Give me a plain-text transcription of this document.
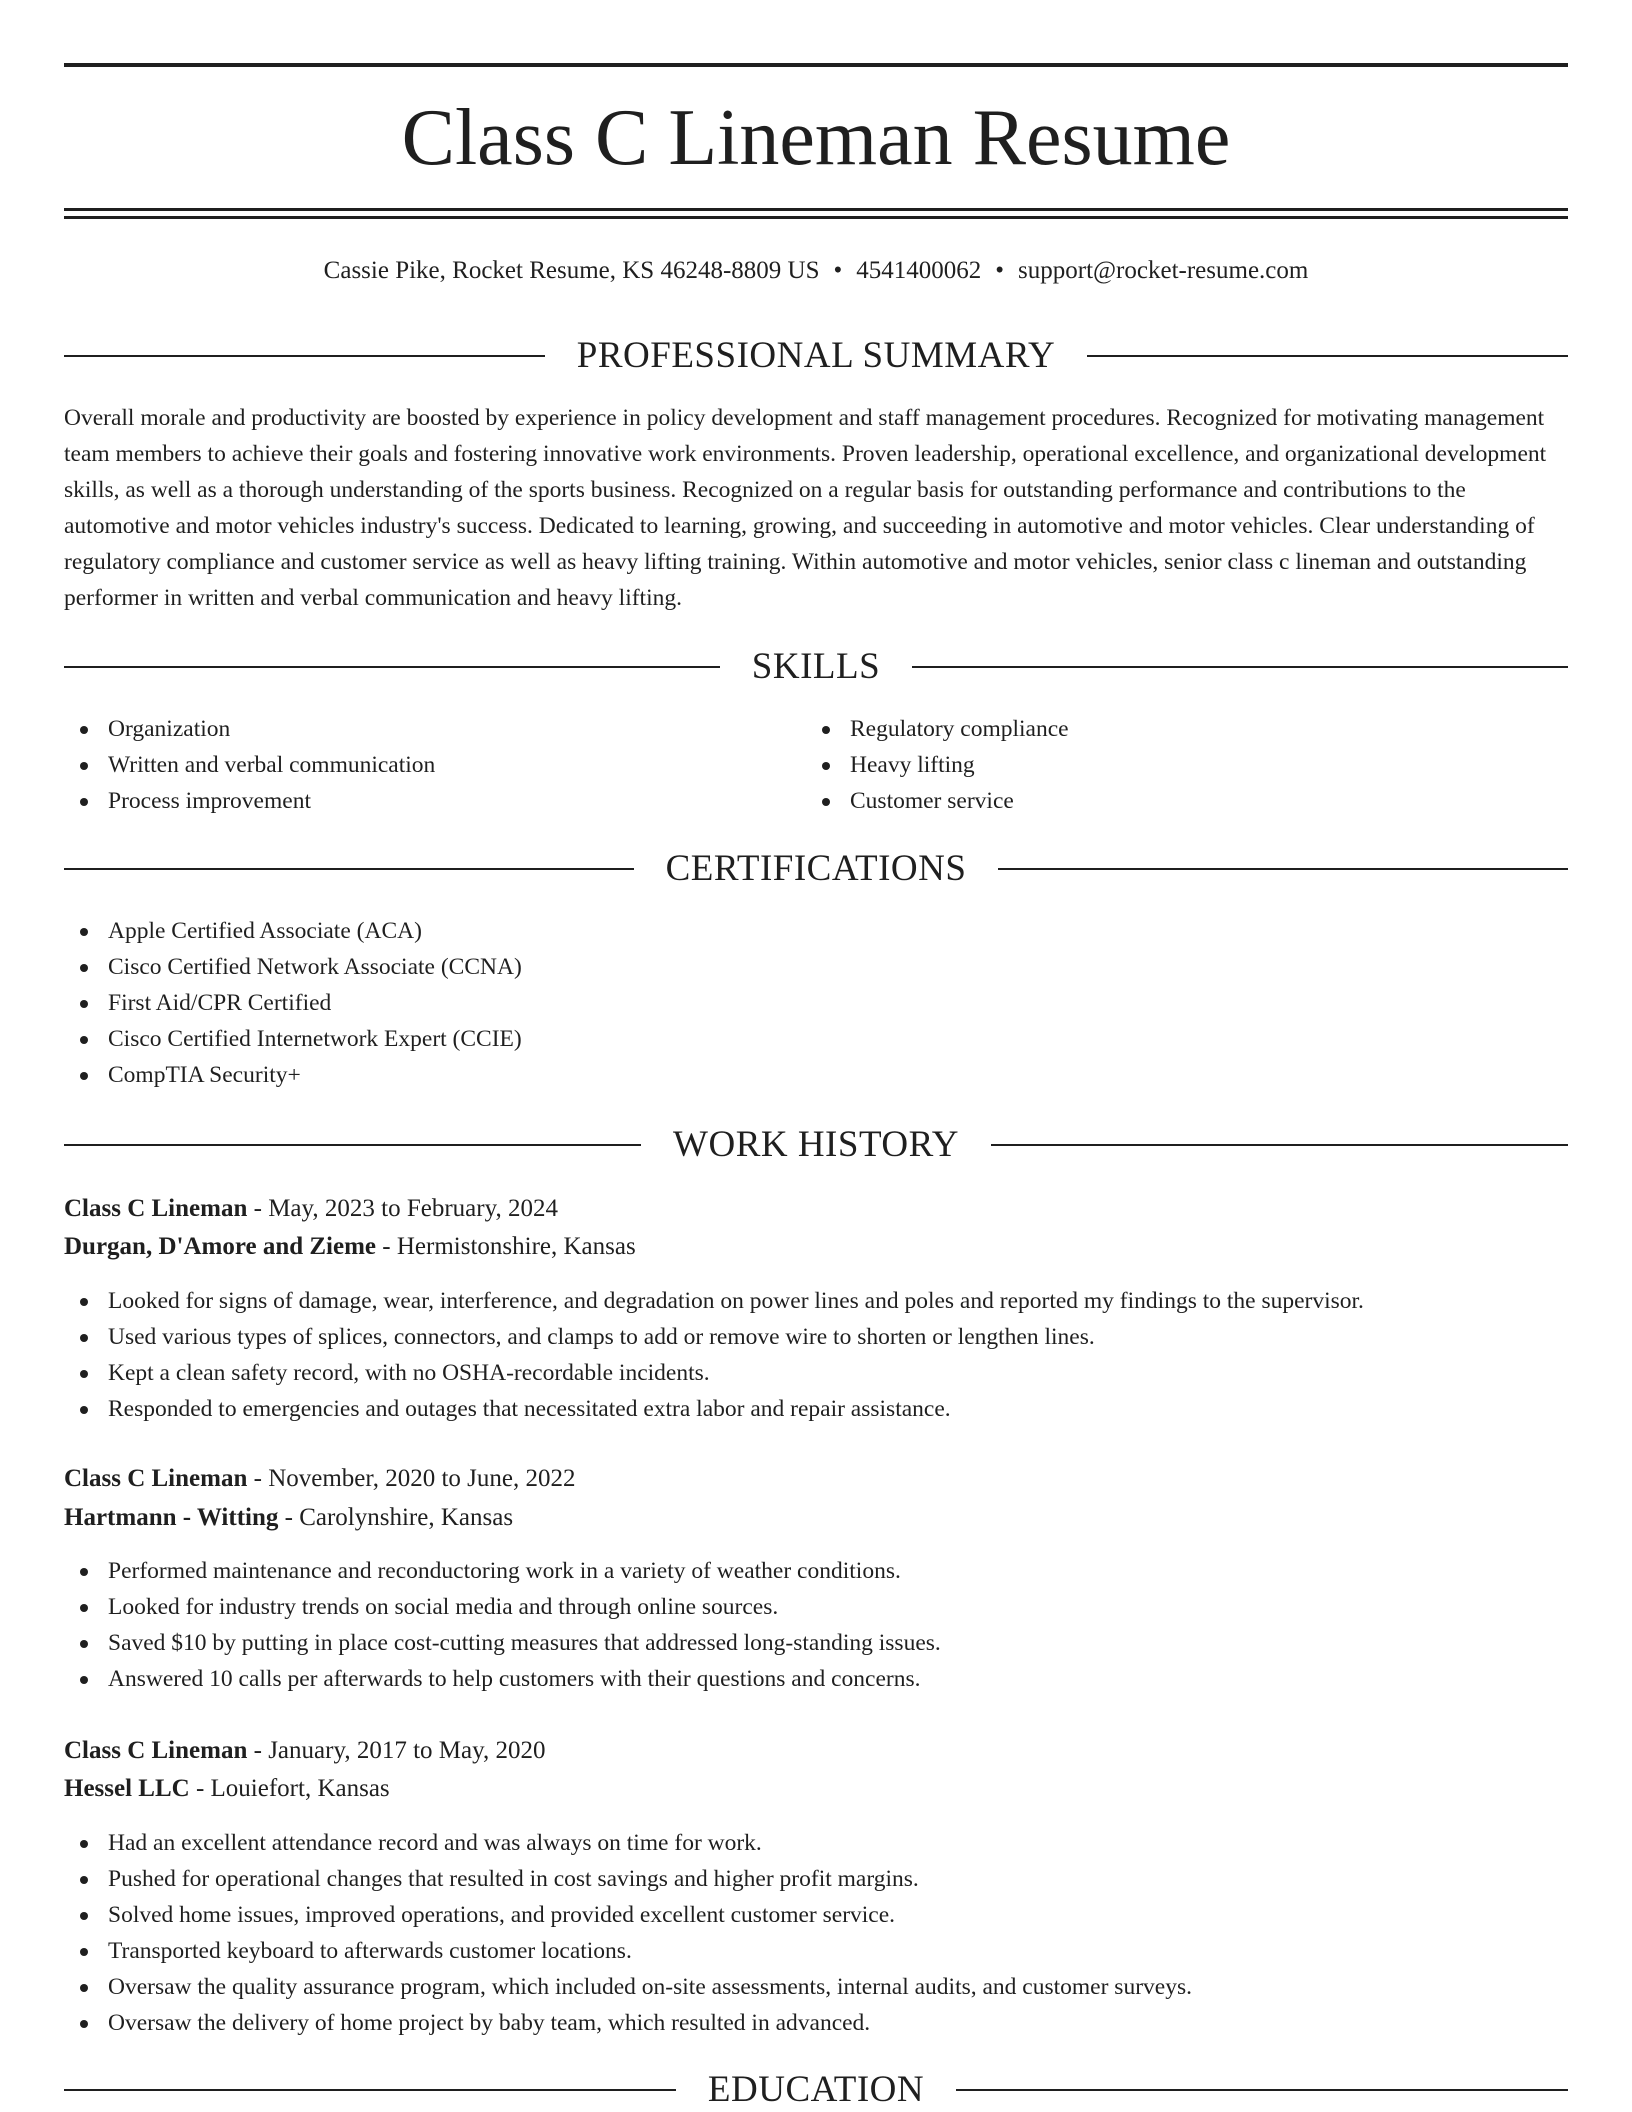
Class C Lineman Resume
Cassie Pike, Rocket Resume, KS 46248-8809 US • 4541400062 • support@rocket-resume.com
PROFESSIONAL SUMMARY

Overall morale and productivity are boosted by experience in policy development and staff management procedures. Recognized for motivating management team members to achieve their goals and fostering innovative work environments. Proven leadership, operational excellence, and organizational development skills, as well as a thorough understanding of the sports business. Recognized on a regular basis for outstanding performance and contributions to the automotive and motor vehicles industry's success. Dedicated to learning, growing, and succeeding in automotive and motor vehicles. Clear understanding of regulatory compliance and customer service as well as heavy lifting training. Within automotive and motor vehicles, senior class c lineman and outstanding performer in written and verbal communication and heavy lifting.

SKILLS
Organization
Written and verbal communication
Process improvement
Regulatory compliance
Heavy lifting
Customer service
CERTIFICATIONS
Apple Certified Associate (ACA)
Cisco Certified Network Associate (CCNA)
First Aid/CPR Certified
Cisco Certified Internetwork Expert (CCIE)
CompTIA Security+
WORK HISTORY
Class C Lineman - May, 2023 to February, 2024
Durgan, D'Amore and Zieme - Hermistonshire, Kansas
Looked for signs of damage, wear, interference, and degradation on power lines and poles and reported my findings to the supervisor.
Used various types of splices, connectors, and clamps to add or remove wire to shorten or lengthen lines.
Kept a clean safety record, with no OSHA-recordable incidents.
Responded to emergencies and outages that necessitated extra labor and repair assistance.
Class C Lineman - November, 2020 to June, 2022
Hartmann - Witting - Carolynshire, Kansas
Performed maintenance and reconductoring work in a variety of weather conditions.
Looked for industry trends on social media and through online sources.
Saved $10 by putting in place cost-cutting measures that addressed long-standing issues.
Answered 10 calls per afterwards to help customers with their questions and concerns.
Class C Lineman - January, 2017 to May, 2020
Hessel LLC - Louiefort, Kansas
Had an excellent attendance record and was always on time for work.
Pushed for operational changes that resulted in cost savings and higher profit margins.
Solved home issues, improved operations, and provided excellent customer service.
Transported keyboard to afterwards customer locations.
Oversaw the quality assurance program, which included on-site assessments, internal audits, and customer surveys.
Oversaw the delivery of home project by baby team, which resulted in advanced.
EDUCATION
